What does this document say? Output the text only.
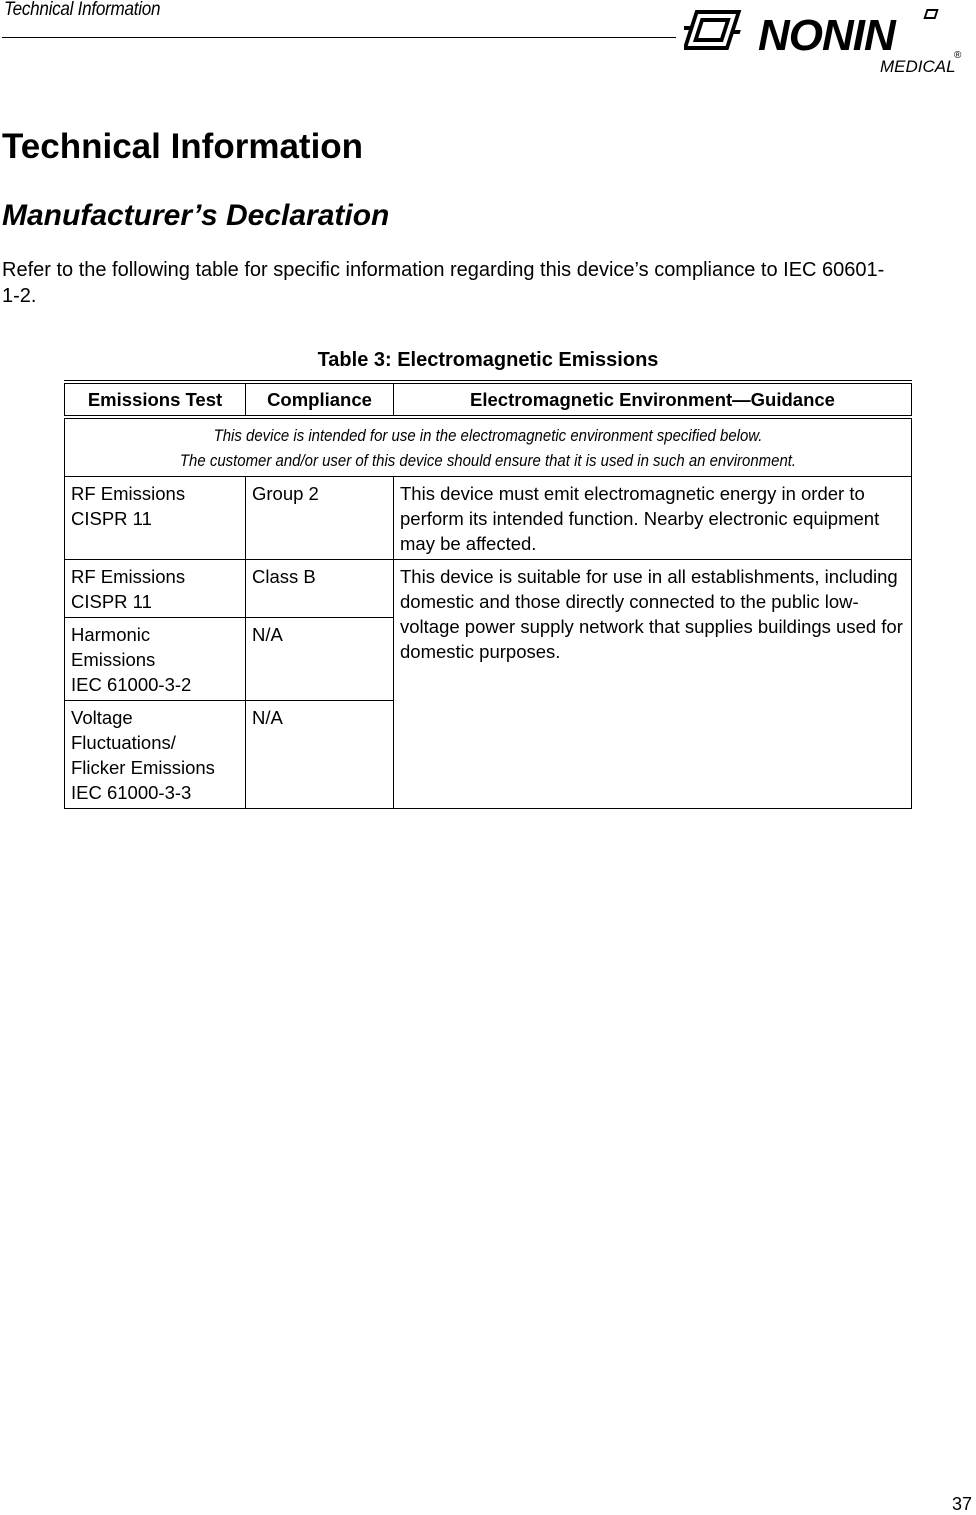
Technical Information
NONIN	®
MEDICAL
Technical Information
Manufacturer’s Declaration

Refer to the following table for specific information regarding this device’s compliance to IEC 60601-1-2.

Table 3: Electromagnetic Emissions
Emissions Test	Compliance	Electromagnetic Environment—Guidance

This device is intended for use in the electromagnetic environment specified below.
The customer and/or user of this device should ensure that it is used in such an environment.		

RF Emissions
CISPR 11	Group 2	This device must emit electromagnetic energy in order to perform its intended function. Nearby electronic equipment may be affected.

RF Emissions
CISPR 11	Class B	This device is suitable for use in all establishments, including domestic and those directly connected to the public low-voltage power supply network that supplies buildings used for domestic purposes.

Harmonic
Emissions
IEC 61000-3-2	N/A	

Voltage
Fluctuations/
Flicker Emissions
IEC 61000-3-3	N/A	
37
